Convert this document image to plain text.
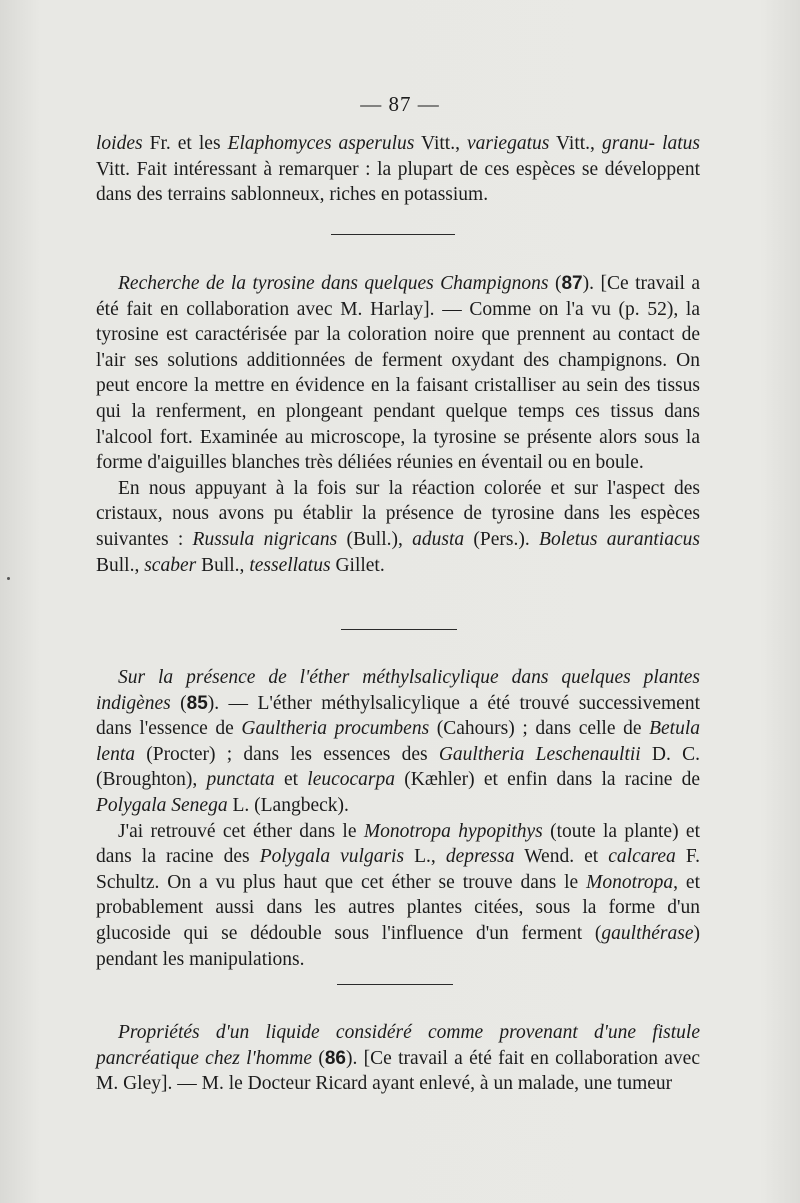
— 87 —

loides Fr. et les Elaphomyces asperulus Vitt., variegatus Vitt., granu- latus Vitt. Fait intéressant à remarquer : la plupart de ces espèces se développent dans des terrains sablonneux, riches en potassium.

Recherche de la tyrosine dans quelques Champignons (87). [Ce travail a été fait en collaboration avec M. Harlay]. — Comme on l'a vu (p. 52), la tyrosine est caractérisée par la coloration noire que prennent au contact de l'air ses solutions additionnées de ferment oxydant des champignons. On peut encore la mettre en évidence en la faisant cristalliser au sein des tissus qui la renferment, en plongeant pendant quelque temps ces tissus dans l'alcool fort. Examinée au microscope, la tyrosine se présente alors sous la forme d'aiguilles blanches très déliées réunies en éventail ou en boule.

En nous appuyant à la fois sur la réaction colorée et sur l'aspect des cristaux, nous avons pu établir la présence de tyrosine dans les espèces suivantes : Russula nigricans (Bull.), adusta (Pers.). Boletus aurantiacus Bull., scaber Bull., tessellatus Gillet.

Sur la présence de l'éther méthylsalicylique dans quelques plantes indigènes (85). — L'éther méthylsalicylique a été trouvé successivement dans l'essence de Gaultheria procumbens (Cahours) ; dans celle de Betula lenta (Procter) ; dans les essences des Gaultheria Leschenaultii D. C. (Broughton), punctata et leucocarpa (Kæhler) et enfin dans la racine de Polygala Senega L. (Langbeck).

J'ai retrouvé cet éther dans le Monotropa hypopithys (toute la plante) et dans la racine des Polygala vulgaris L., depressa Wend. et calcarea F. Schultz. On a vu plus haut que cet éther se trouve dans le Monotropa, et probablement aussi dans les autres plantes citées, sous la forme d'un glucoside qui se dédouble sous l'influence d'un ferment (gaulthérase) pendant les manipulations.

Propriétés d'un liquide considéré comme provenant d'une fistule pancréatique chez l'homme (86). [Ce travail a été fait en collaboration avec M. Gley]. — M. le Docteur Ricard ayant enlevé, à un malade, une tumeur
